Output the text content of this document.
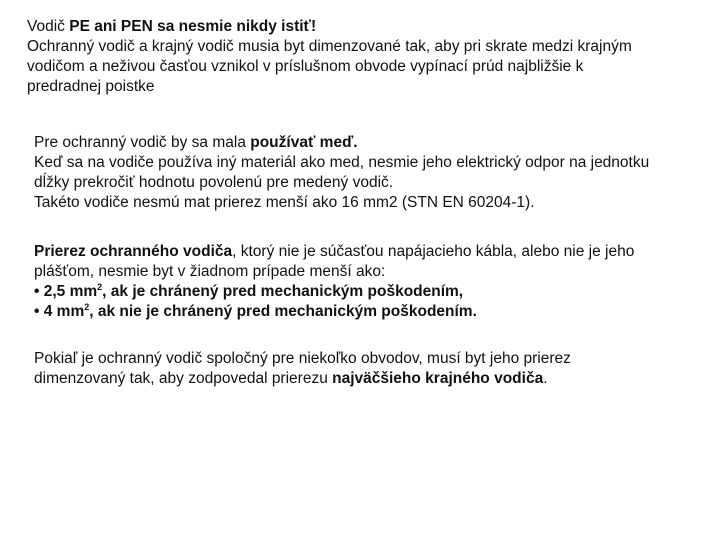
Vodič PE ani PEN sa nesmie nikdy istiť!

Ochranný vodič a krajný vodič musia byt dimenzované tak, aby pri skrate medzi krajným

vodičom a neživou časťou vznikol v príslušnom obvode vypínací prúd najbližšie k

predradnej poistke

Pre ochranný vodič by sa mala používať meď.

Keď sa na vodiče používa iný materiál ako med, nesmie jeho elektrický odpor na jednotku

dĺžky prekročiť hodnotu povolenú pre medený vodič.

Takéto vodiče nesmú mat prierez menší ako 16 mm2 (STN EN 60204-1).

Prierez ochranného vodiča, ktorý nie je súčasťou napájacieho kábla, alebo nie je jeho

plášťom, nesmie byt v žiadnom prípade menší ako:

• 2,5 $mm^2$, ak je chránený pred mechanickým poškodením,

• 4 $mm^2$, ak nie je chránený pred mechanickým poškodením.

Pokiaľ je ochranný vodič spoločný pre niekoľko obvodov, musí byt jeho prierez

dimenzovaný tak, aby zodpovedal prierezu najväčšieho krajného vodiča.
